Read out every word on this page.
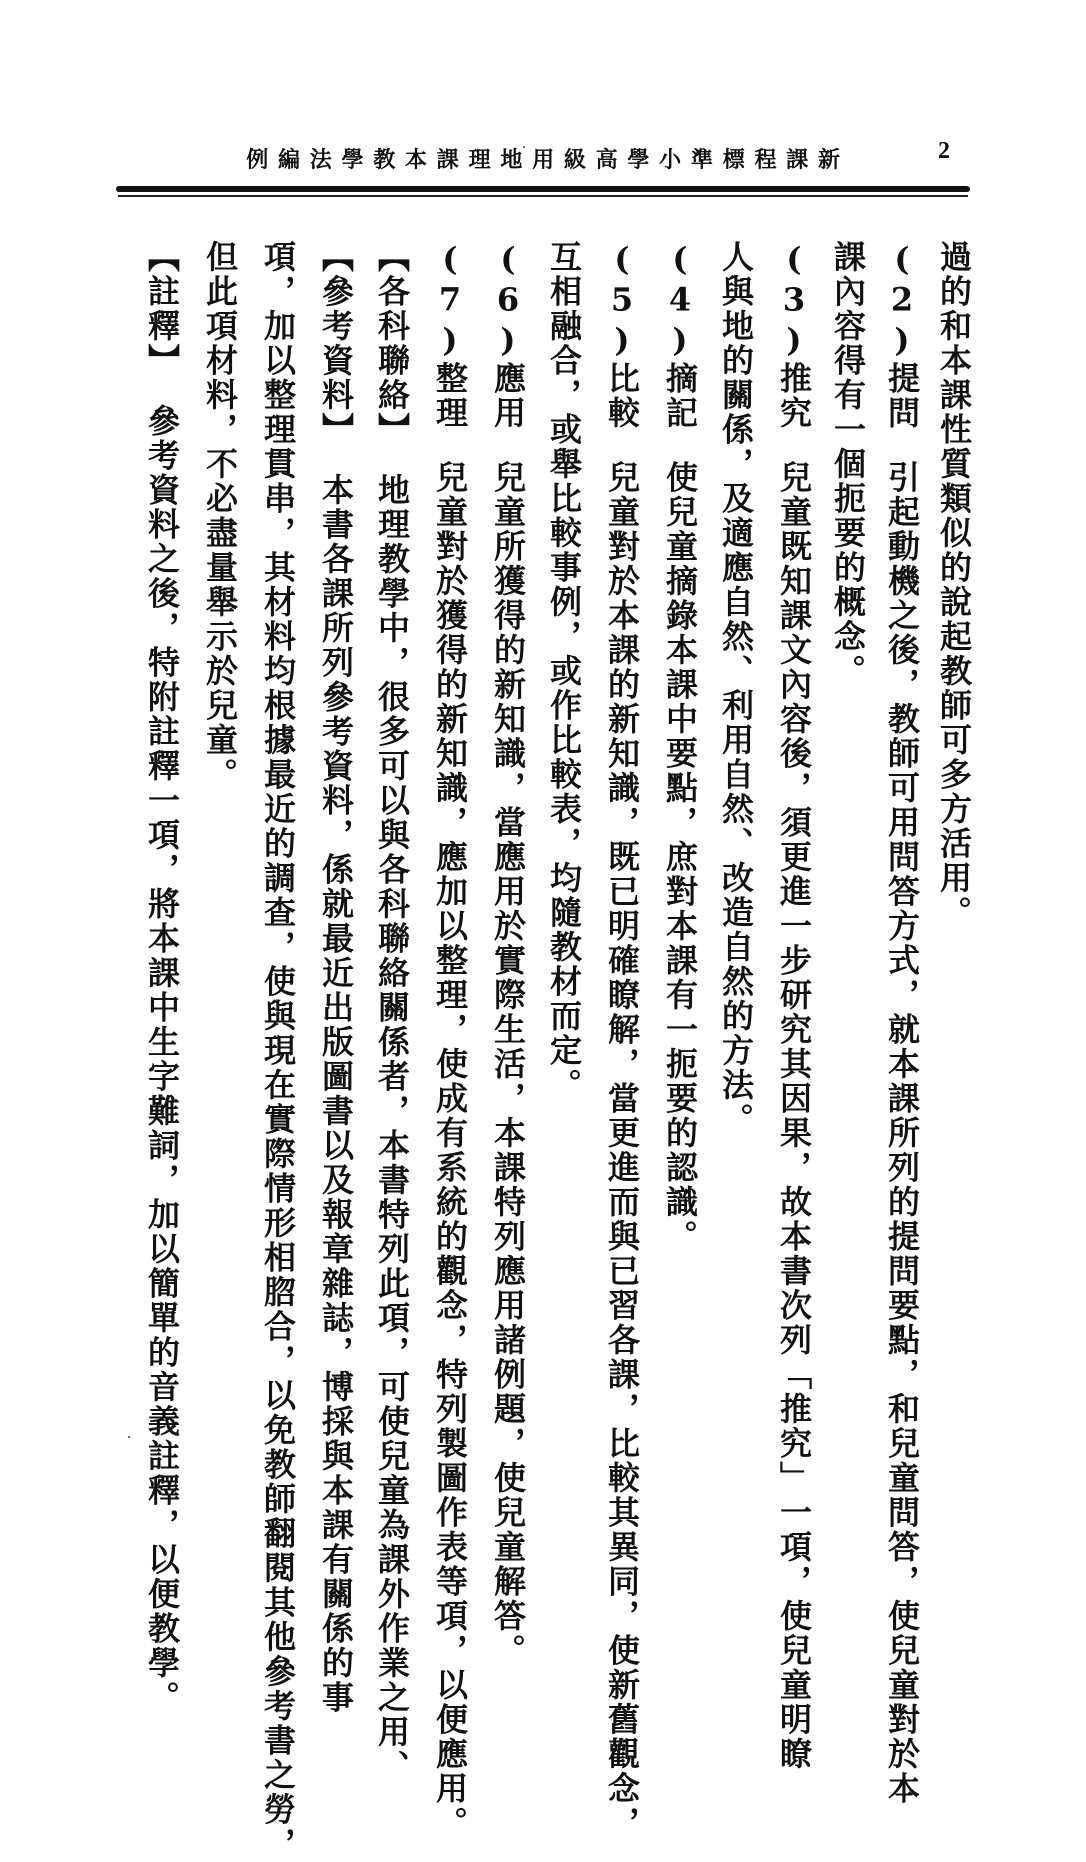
新
課
程
標
準
小
學
高
級
用
地
理
課
本
教
學
法
編
例	2
過的和本課性質類似的說起教師可多方活用。
(2)提問引起動機之後，教師可用問答方式，就本課所列的提問要點，和兒童問答，使兒童對於本
課內容得有一個扼要的概念。
(3)推究兒童既知課文內容後，須更進一步研究其因果，故本書次列「推究」一項，使兒童明瞭
人與地的關係，及適應自然、利用自然、改造自然的方法。
(4)摘記使兒童摘錄本課中要點，庶對本課有一扼要的認識。
(5)比較兒童對於本課的新知識，既已明確瞭解，當更進而與已習各課，比較其異同，使新舊觀念，
互相融合，或舉比較事例，或作比較表，均隨教材而定。
(6)應用兒童所獲得的新知識，當應用於實際生活，本課特列應用諸例題，使兒童解答。
(7)整理兒童對於獲得的新知識，應加以整理，使成有系統的觀念，特列製圖作表等項，以便應用。
【各科聯絡】地理教學中，很多可以與各科聯絡關係者，本書特列此項，可使兒童為課外作業之用、
【參考資料】本書各課所列參考資料，係就最近出版圖書以及報章雜誌，博採與本課有關係的事
項，加以整理貫串，其材料均根據最近的調查，使與現在實際情形相脗合，以免教師翻閱其他參考書之勞，
但此項材料，不必盡量舉示於兒童。
【註釋】參考資料之後，特附註釋一項，將本課中生字難詞，加以簡單的音義註釋，以便教學。
